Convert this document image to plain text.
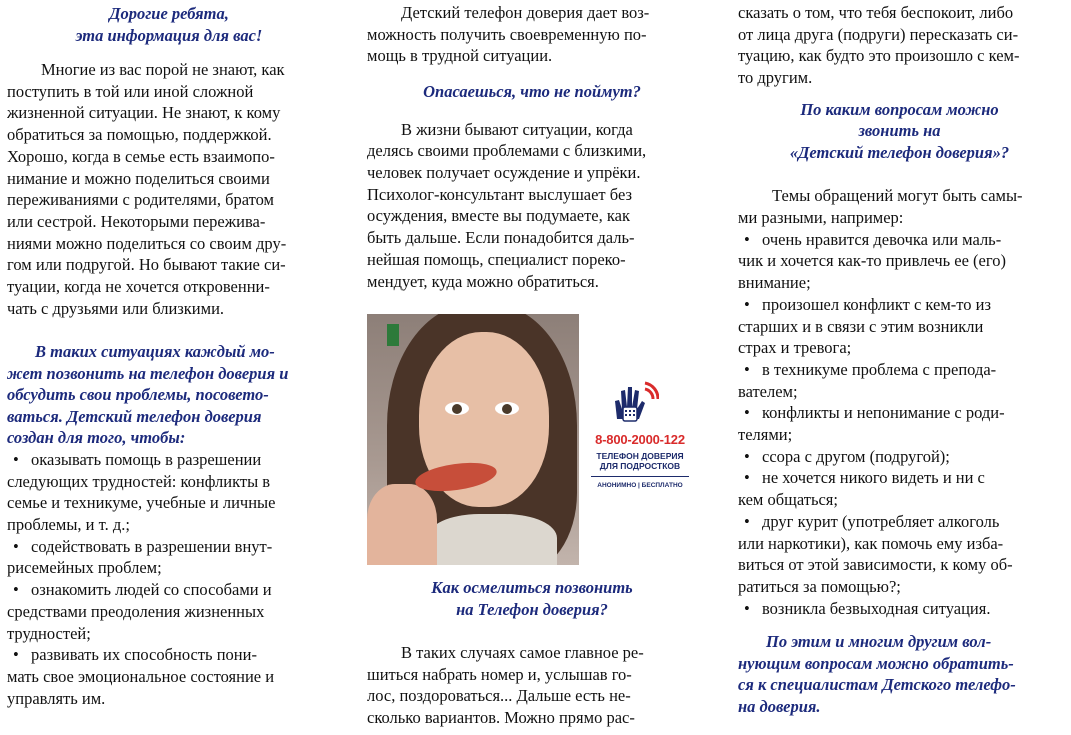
Дорогие ребята,

эта информация для вас!

Многие из вас порой не знают, как

поступить в той или иной сложной

жизненной ситуации. Не знают, к кому

обратиться за помощью, поддержкой.

Хорошо, когда в семье есть взаимопо-

нимание и можно поделиться своими

переживаниями с родителями, братом

или сестрой. Некоторыми пережива-

ниями можно поделиться со своим дру-

гом или подругой. Но бывают такие си-

туации, когда не хочется откровенни-

чать с друзьями или близкими.

В таких ситуациях каждый мо-

жет позвонить на телефон доверия и

обсудить свои проблемы, посовето-

ваться. Детский телефон доверия

создан для того, чтобы:

• оказывать помощь в разрешении

следующих трудностей: конфликты в

семье и техникуме, учебные и личные

проблемы, и т. д.;

• содействовать в разрешении внут-

рисемейных проблем;

• ознакомить людей со способами и

средствами преодоления жизненных

трудностей;

• развивать их способность пони-

мать свое эмоциональное состояние и

управлять им.

Детский телефон доверия дает воз-

можность получить своевременную по-

мощь в трудной ситуации.

Опасаешься, что не поймут?

В жизни бывают ситуации, когда

делясь своими проблемами с близкими,

человек получает осуждение и упрёки.

Психолог-консультант выслушает без

осуждения, вместе вы подумаете, как

быть дальше. Если понадобится даль-

нейшая помощь, специалист пореко-

мендует, куда можно обратиться.

Как осмелиться позвонить

на Телефон доверия?

В таких случаях самое главное ре-

шиться набрать номер и, услышав го-

лос, поздороваться... Дальше есть не-

сколько вариантов. Можно прямо рас-

8-800-2000-122
ТЕЛЕФОН ДОВЕРИЯ
ДЛЯ ПОДРОСТКОВ
АНОНИМНО | БЕСПЛАТНО

сказать о том, что тебя беспокоит, либо

от лица друга (подруги) пересказать си-

туацию, как будто это произошло с кем-

то другим.

По каким вопросам можно

звонить на

«Детский телефон доверия»?

Темы обращений могут быть самы-

ми разными, например:

• очень нравится девочка или маль-

чик и хочется как-то привлечь ее (его)

внимание;

• произошел конфликт с кем-то из

старших и в связи с этим возникли

страх и тревога;

• в техникуме проблема с препода-

вателем;

• конфликты и непонимание с роди-

телями;

• ссора с другом (подругой);

• не хочется никого видеть и ни с

кем общаться;

• друг курит (употребляет алкоголь

или наркотики), как помочь ему избa-

виться от этой зависимости, к кому об-

ратиться за помощью?;

• возникла безвыходная ситуация.

По этим и многим другим вол-

нующим вопросам можно обратить-

ся к специалистам Детского телефо-

на доверия.
